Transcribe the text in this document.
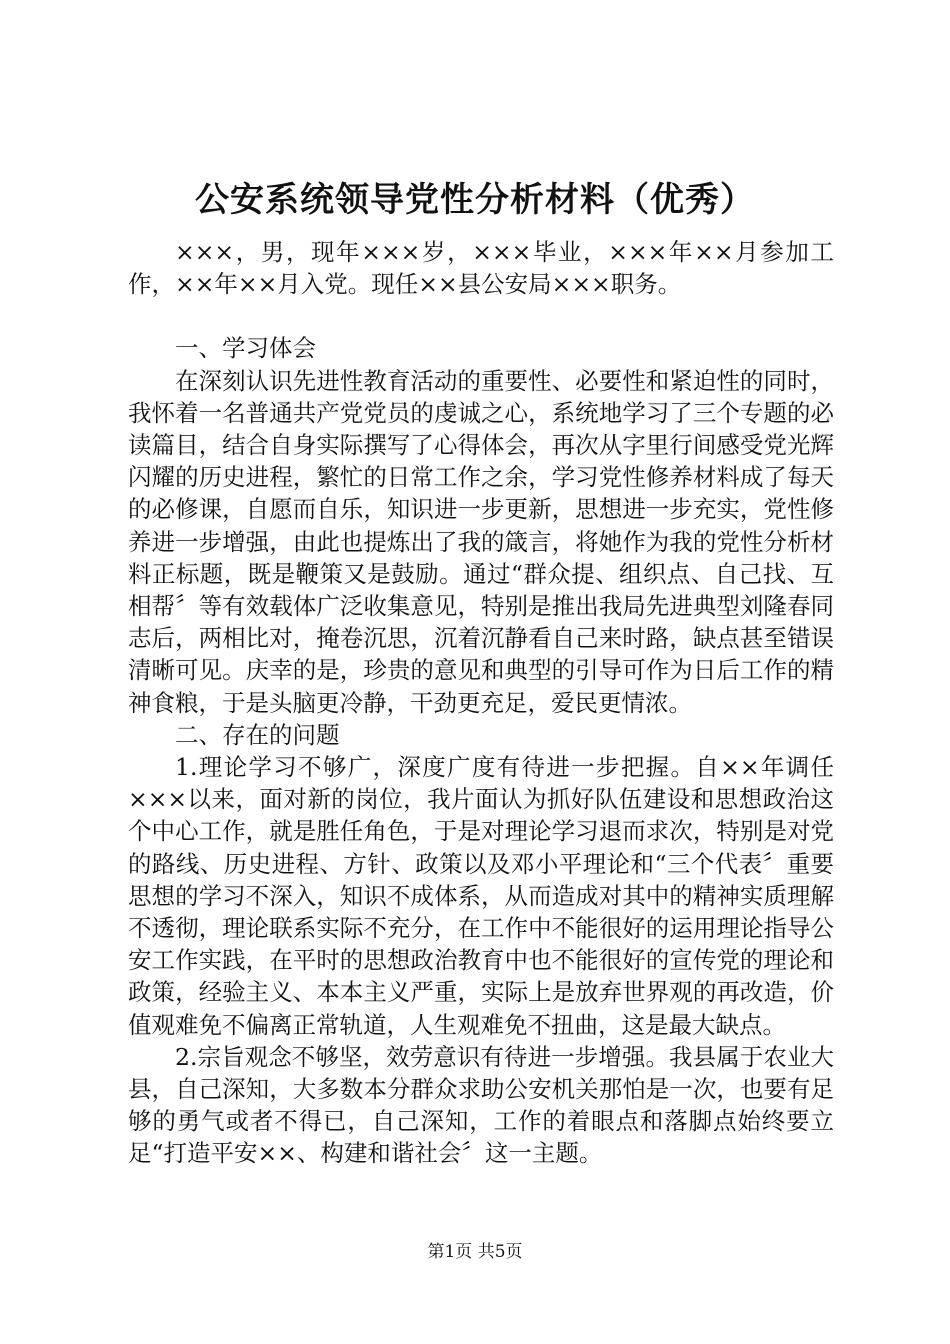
公安系统领导党性分析材料（优秀）

×××，男，现年×××岁，×××毕业，×××年××月参加工作，××年××月入党。现任××县公安局×××职务。

一、学习体会

在深刻认识先进性教育活动的重要性、必要性和紧迫性的同时，我怀着一名普通共产党党员的虔诚之心，系统地学习了三个专题的必读篇目，结合自身实际撰写了心得体会，再次从字里行间感受党光辉闪耀的历史进程，繁忙的日常工作之余，学习党性修养材料成了每天的必修课，自愿而自乐，知识进一步更新，思想进一步充实，党性修养进一步增强，由此也提炼出了我的箴言，将她作为我的党性分析材料正标题，既是鞭策又是鼓励。通过“群众提、组织点、自己找、互相帮〞等有效载体广泛收集意见，特别是推出我局先进典型刘隆春同志后，两相比对，掩卷沉思，沉着沉静看自己来时路，缺点甚至错误清晰可见。庆幸的是，珍贵的意见和典型的引导可作为日后工作的精神食粮，于是头脑更冷静，干劲更充足，爱民更情浓。

二、存在的问题

1.理论学习不够广，深度广度有待进一步把握。自××年调任×××以来，面对新的岗位，我片面认为抓好队伍建设和思想政治这个中心工作，就是胜任角色，于是对理论学习退而求次，特别是对党的路线、历史进程、方针、政策以及邓小平理论和“三个代表〞重要思想的学习不深入，知识不成体系，从而造成对其中的精神实质理解不透彻，理论联系实际不充分，在工作中不能很好的运用理论指导公安工作实践，在平时的思想政治教育中也不能很好的宣传党的理论和政策，经验主义、本本主义严重，实际上是放弃世界观的再改造，价值观难免不偏离正常轨道，人生观难免不扭曲，这是最大缺点。

2.宗旨观念不够坚，效劳意识有待进一步增强。我县属于农业大县，自己深知，大多数本分群众求助公安机关那怕是一次，也要有足够的勇气或者不得已，自己深知，工作的着眼点和落脚点始终要立足“打造平安××、构建和谐社会〞这一主题。

第1页 共5页
